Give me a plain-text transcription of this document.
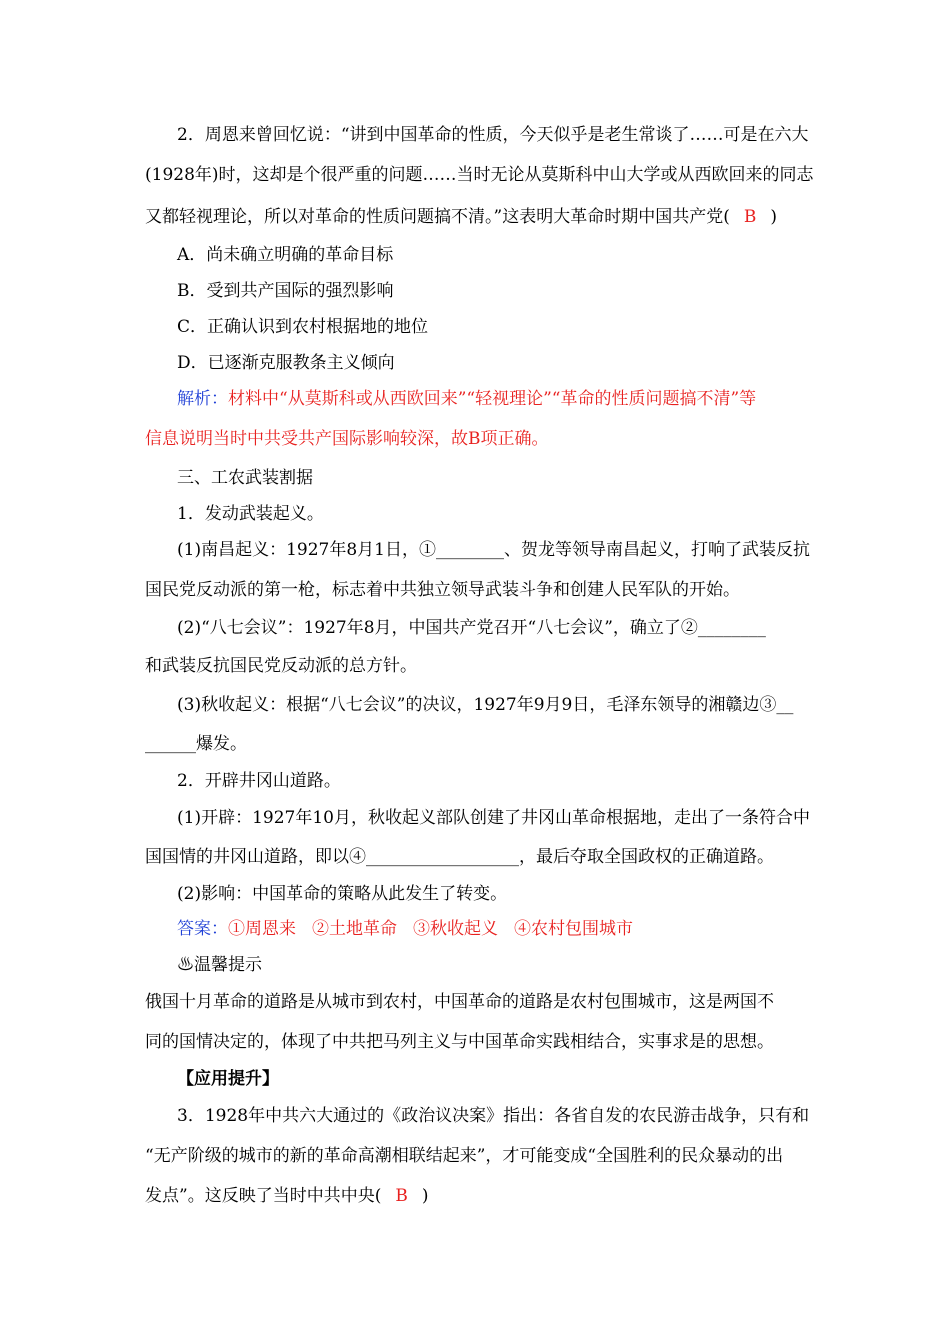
2．周恩来曾回忆说：“讲到中国革命的性质，今天似乎是老生常谈了……可是在六大
(1928年)时，这却是个很严重的问题……当时无论从莫斯科中山大学或从西欧回来的同志
又都轻视理论，所以对革命的性质问题搞不清。”这表明大革命时期中国共产党( B )
A．尚未确立明确的革命目标
B．受到共产国际的强烈影响
C．正确认识到农村根据地的地位
D．已逐渐克服教条主义倾向
解析：材料中“从莫斯科或从西欧回来”“轻视理论”“革命的性质问题搞不清”等
信息说明当时中共受共产国际影响较深，故B项正确。
三、工农武装割据
1．发动武装起义。
(1)南昌起义：1927年8月1日，①________、贺龙等领导南昌起义，打响了武装反抗
国民党反动派的第一枪，标志着中共独立领导武装斗争和创建人民军队的开始。
(2)“八七会议”：1927年8月，中国共产党召开“八七会议”，确立了②________
和武装反抗国民党反动派的总方针。
(3)秋收起义：根据“八七会议”的决议，1927年9月9日，毛泽东领导的湘赣边③__
______爆发。
2．开辟井冈山道路。
(1)开辟：1927年10月，秋收起义部队创建了井冈山革命根据地，走出了一条符合中
国国情的井冈山道路，即以④__________________，最后夺取全国政权的正确道路。
(2)影响：中国革命的策略从此发生了转变。
答案：①周恩来 ②土地革命 ③秋收起义 ④农村包围城市
♨温馨提示
俄国十月革命的道路是从城市到农村，中国革命的道路是农村包围城市，这是两国不
同的国情决定的，体现了中共把马列主义与中国革命实践相结合，实事求是的思想。
【应用提升】
3．1928年中共六大通过的《政治议决案》指出：各省自发的农民游击战争，只有和
“无产阶级的城市的新的革命高潮相联结起来”，才可能变成“全国胜利的民众暴动的出
发点”。这反映了当时中共中央( B )
